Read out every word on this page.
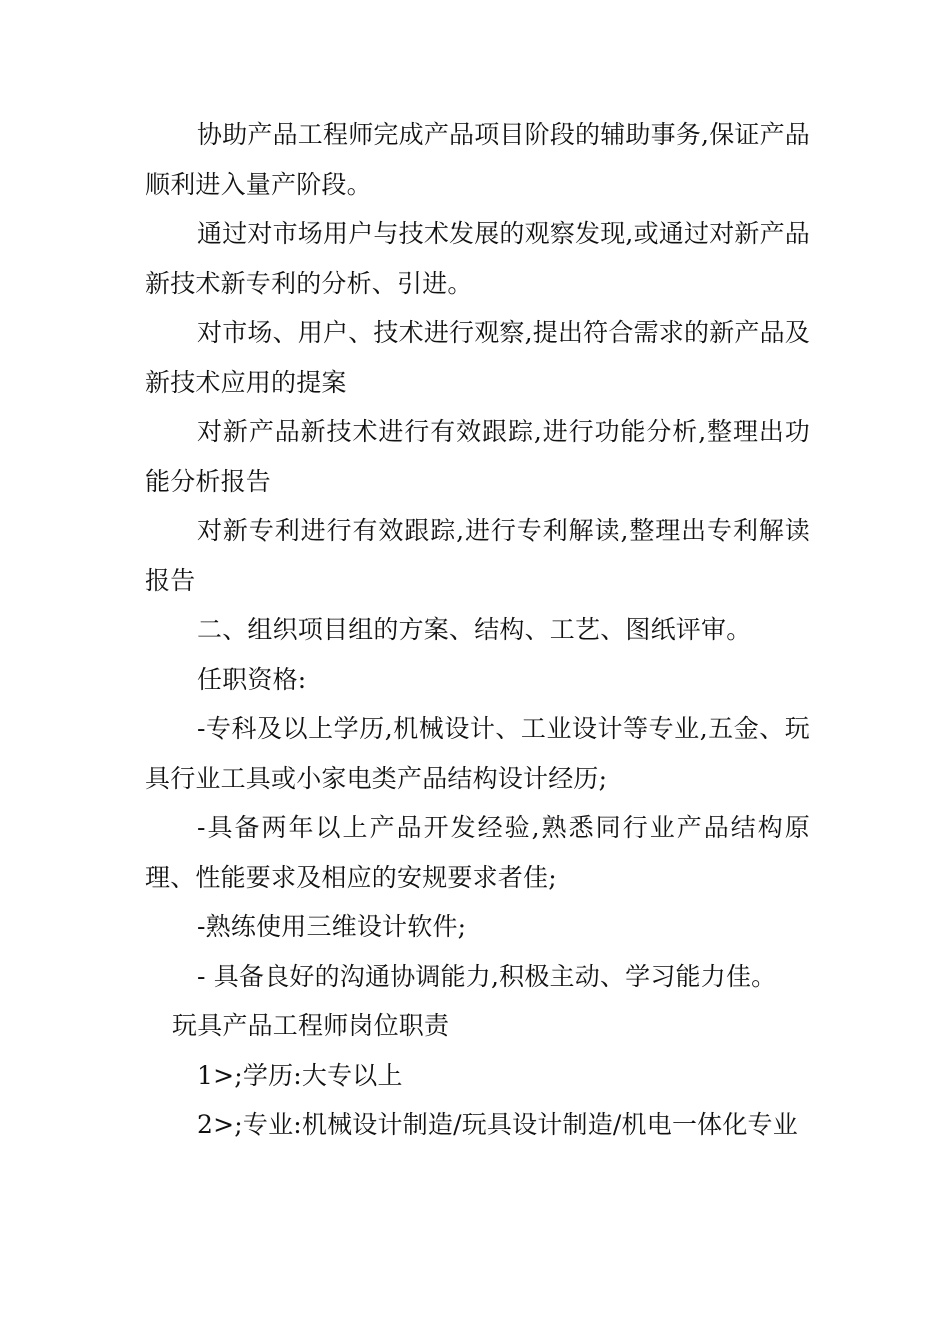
协助产品工程师完成产品项目阶段的辅助事务,保证产品顺利进入量产阶段。

通过对市场用户与技术发展的观察发现,或通过对新产品新技术新专利的分析、引进。

对市场、用户、技术进行观察,提出符合需求的新产品及新技术应用的提案

对新产品新技术进行有效跟踪,进行功能分析,整理出功能分析报告

对新专利进行有效跟踪,进行专利解读,整理出专利解读报告

二、组织项目组的方案、结构、工艺、图纸评审。

任职资格:

-专科及以上学历,机械设计、工业设计等专业,五金、玩具行业工具或小家电类产品结构设计经历;

-具备两年以上产品开发经验,熟悉同行业产品结构原理、性能要求及相应的安规要求者佳;

-熟练使用三维设计软件;

- 具备良好的沟通协调能力,积极主动、学习能力佳。

玩具产品工程师岗位职责

1>;学历:大专以上

2>;专业:机械设计制造/玩具设计制造/机电一体化专业
